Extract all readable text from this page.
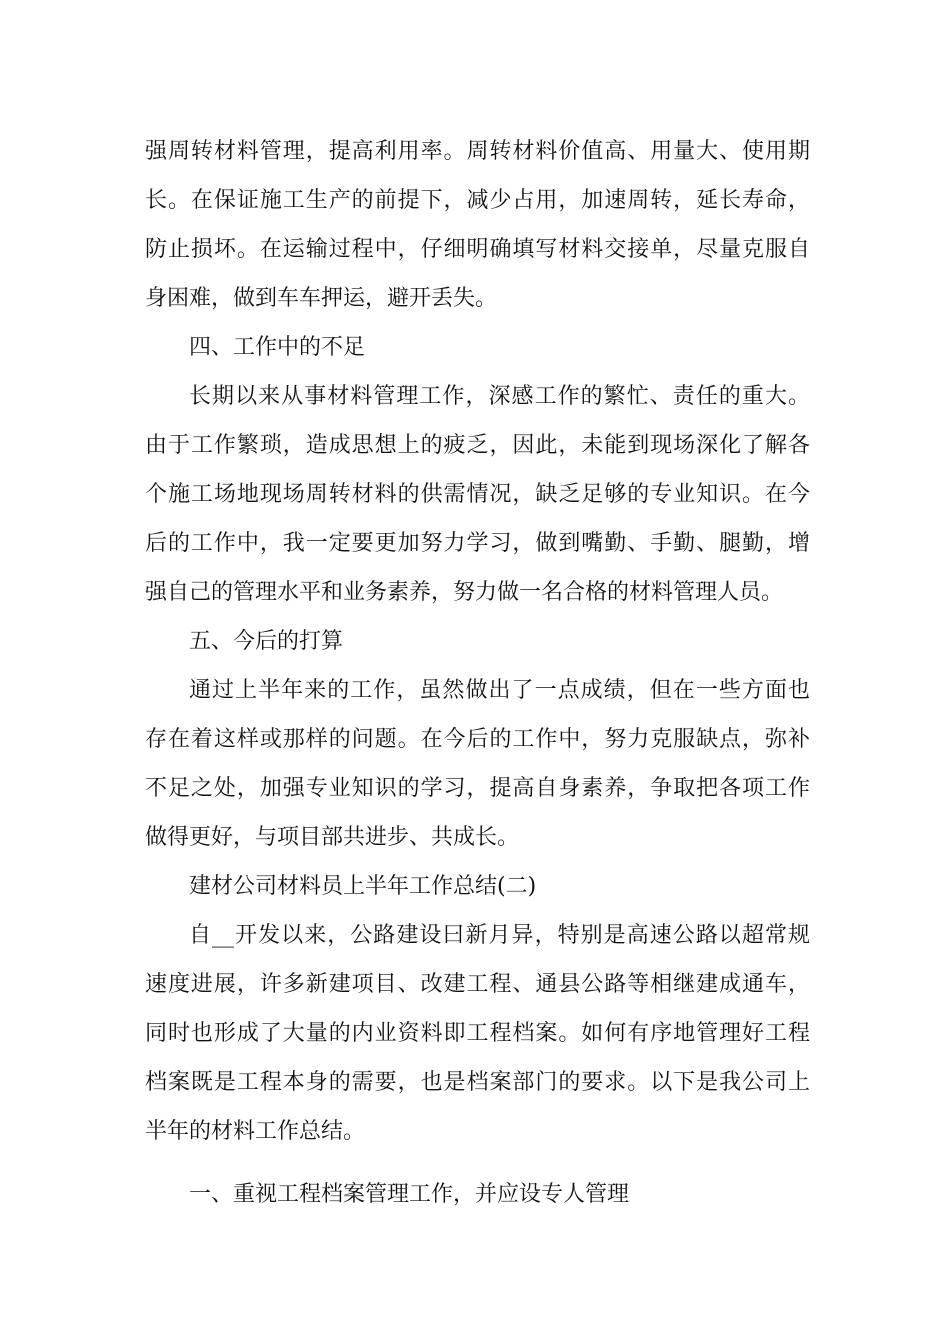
强周转材料管理，提高利用率。周转材料价值高、用量大、使用期
长。在保证施工生产的前提下，减少占用，加速周转，延长寿命，
防止损坏。在运输过程中，仔细明确填写材料交接单，尽量克服自
身困难，做到车车押运，避开丢失。
四、工作中的不足
长期以来从事材料管理工作，深感工作的繁忙、责任的重大。
由于工作繁琐，造成思想上的疲乏，因此，未能到现场深化了解各
个施工场地现场周转材料的供需情况，缺乏足够的专业知识。在今
后的工作中，我一定要更加努力学习，做到嘴勤、手勤、腿勤，增
强自己的管理水平和业务素养，努力做一名合格的材料管理人员。
五、今后的打算
通过上半年来的工作，虽然做出了一点成绩，但在一些方面也
存在着这样或那样的问题。在今后的工作中，努力克服缺点，弥补
不足之处，加强专业知识的学习，提高自身素养，争取把各项工作
做得更好，与项目部共进步、共成长。
建材公司材料员上半年工作总结(二)
自__开发以来，公路建设曰新月异，特别是高速公路以超常规
速度进展，许多新建项目、改建工程、通县公路等相继建成通车，
同时也形成了大量的内业资料即工程档案。如何有序地管理好工程
档案既是工程本身的需要，也是档案部门的要求。以下是我公司上
半年的材料工作总结。
一、重视工程档案管理工作，并应设专人管理
